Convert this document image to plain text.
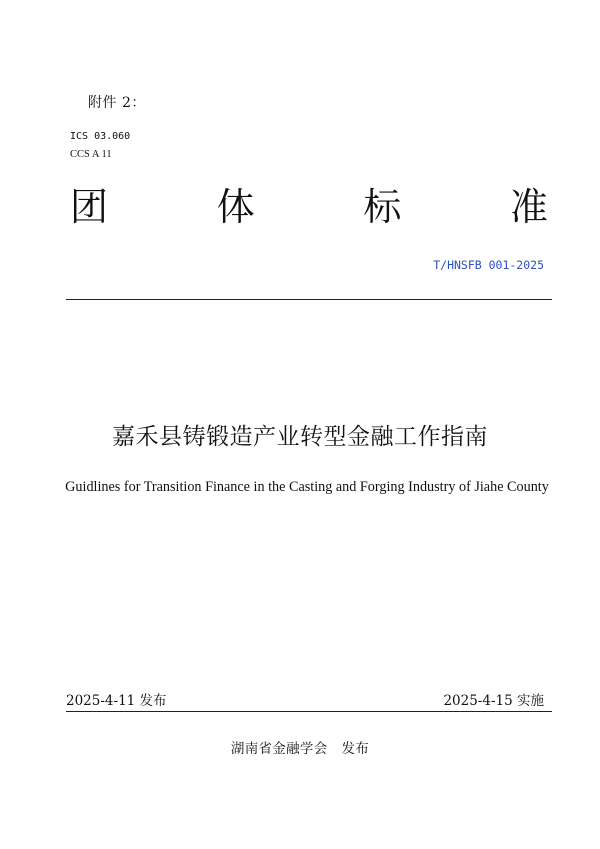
附件 2：
ICS 03.060
CCS A 11
团	体	标	准
T/HNSFB 001-2025
嘉禾县铸锻造产业转型金融工作指南
Guidlines for Transition Finance in the Casting and Forging Industry of Jiahe County
2025-4-11 发布	2025-4-15 实施
湖南省金融学会 发布
